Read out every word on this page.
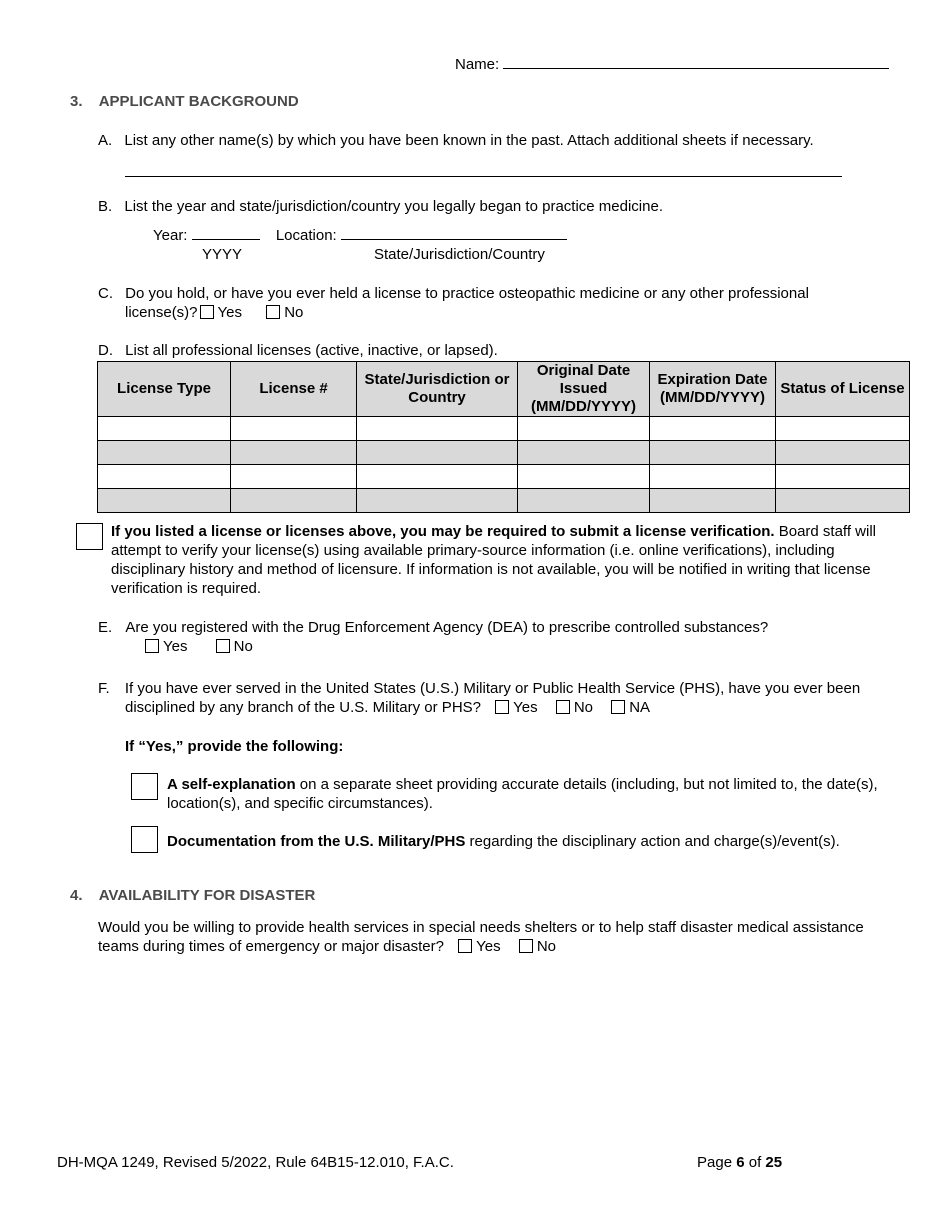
Name:
3. APPLICANT BACKGROUND
A. List any other name(s) by which you have been known in the past. Attach additional sheets if necessary.
B. List the year and state/jurisdiction/country you legally began to practice medicine.
Year:	Location:
YYYY	State/Jurisdiction/Country
C. Do you hold, or have you ever held a license to practice osteopathic medicine or any other professional
license(s)? Yes	No
D. List all professional licenses (active, inactive, or lapsed).
License Type	License #	State/Jurisdiction or Country	Original Date Issued (MM/DD/YYYY)	Expiration Date (MM/DD/YYYY)	Status of License

If you listed a license or licenses above, you may be required to submit a license verification. Board staff will attempt to verify your license(s) using available primary-source information (i.e. online verifications), including disciplinary history and method of licensure. If information is not available, you will be notified in writing that license verification is required.
E. Are you registered with the Drug Enforcement Agency (DEA) to prescribe controlled substances?
Yes	No
F. If you have ever served in the United States (U.S.) Military or Public Health Service (PHS), have you ever been
disciplined by any branch of the U.S. Military or PHS? Yes No NA
If “Yes,” provide the following:
A self-explanation on a separate sheet providing accurate details (including, but not limited to, the date(s), location(s), and specific circumstances).
Documentation from the U.S. Military/PHS regarding the disciplinary action and charge(s)/event(s).
4. AVAILABILITY FOR DISASTER
Would you be willing to provide health services in special needs shelters or to help staff disaster medical assistance
teams during times of emergency or major disaster? Yes No
DH-MQA 1249, Revised 5/2022, Rule 64B15-12.010, F.A.C.	Page 6 of 25
